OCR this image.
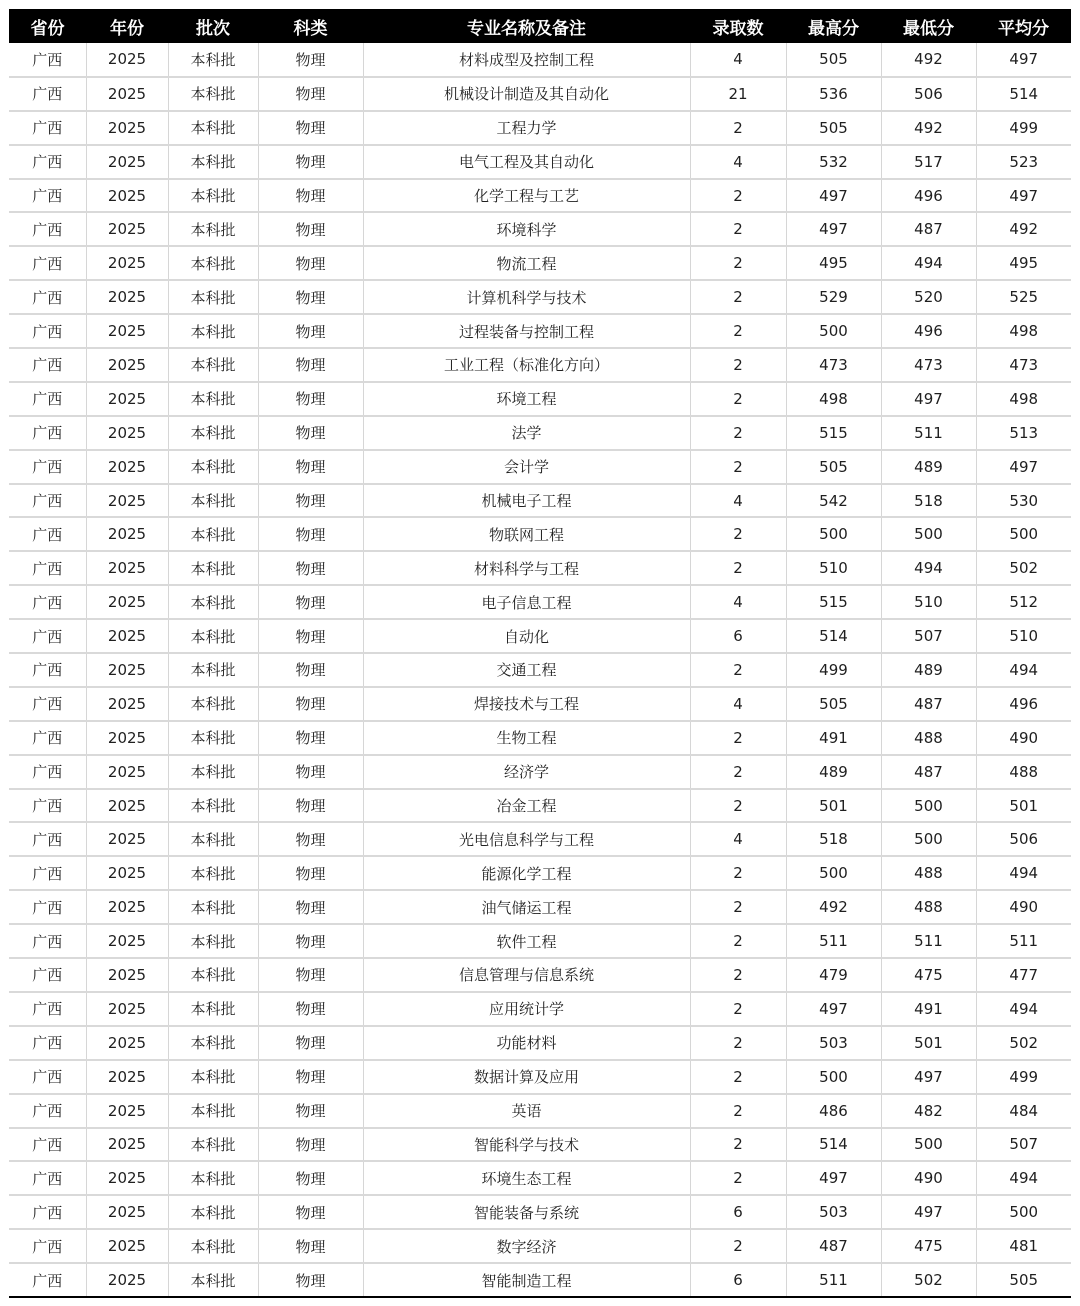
省份	年份	批次	科类	专业名称及备注	录取数	最高分	最低分	平均分
广西	2025	本科批	物理	材料成型及控制工程	4	505	492	497
广西	2025	本科批	物理	机械设计制造及其自动化	21	536	506	514
广西	2025	本科批	物理	工程力学	2	505	492	499
广西	2025	本科批	物理	电气工程及其自动化	4	532	517	523
广西	2025	本科批	物理	化学工程与工艺	2	497	496	497
广西	2025	本科批	物理	环境科学	2	497	487	492
广西	2025	本科批	物理	物流工程	2	495	494	495
广西	2025	本科批	物理	计算机科学与技术	2	529	520	525
广西	2025	本科批	物理	过程装备与控制工程	2	500	496	498
广西	2025	本科批	物理	工业工程（标准化方向）	2	473	473	473
广西	2025	本科批	物理	环境工程	2	498	497	498
广西	2025	本科批	物理	法学	2	515	511	513
广西	2025	本科批	物理	会计学	2	505	489	497
广西	2025	本科批	物理	机械电子工程	4	542	518	530
广西	2025	本科批	物理	物联网工程	2	500	500	500
广西	2025	本科批	物理	材料科学与工程	2	510	494	502
广西	2025	本科批	物理	电子信息工程	4	515	510	512
广西	2025	本科批	物理	自动化	6	514	507	510
广西	2025	本科批	物理	交通工程	2	499	489	494
广西	2025	本科批	物理	焊接技术与工程	4	505	487	496
广西	2025	本科批	物理	生物工程	2	491	488	490
广西	2025	本科批	物理	经济学	2	489	487	488
广西	2025	本科批	物理	冶金工程	2	501	500	501
广西	2025	本科批	物理	光电信息科学与工程	4	518	500	506
广西	2025	本科批	物理	能源化学工程	2	500	488	494
广西	2025	本科批	物理	油气储运工程	2	492	488	490
广西	2025	本科批	物理	软件工程	2	511	511	511
广西	2025	本科批	物理	信息管理与信息系统	2	479	475	477
广西	2025	本科批	物理	应用统计学	2	497	491	494
广西	2025	本科批	物理	功能材料	2	503	501	502
广西	2025	本科批	物理	数据计算及应用	2	500	497	499
广西	2025	本科批	物理	英语	2	486	482	484
广西	2025	本科批	物理	智能科学与技术	2	514	500	507
广西	2025	本科批	物理	环境生态工程	2	497	490	494
广西	2025	本科批	物理	智能装备与系统	6	503	497	500
广西	2025	本科批	物理	数字经济	2	487	475	481
广西	2025	本科批	物理	智能制造工程	6	511	502	505
